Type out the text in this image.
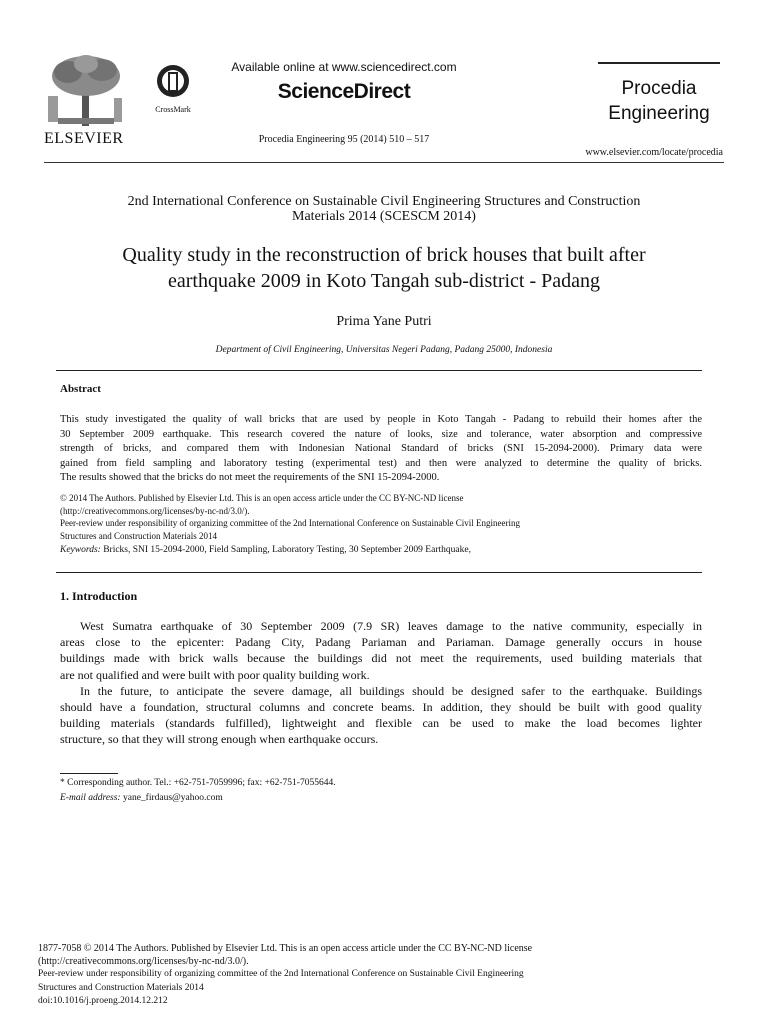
ELSEVIER
CrossMark
Available online at www.sciencedirect.com
ScienceDirect
Procedia Engineering 95 (2014) 510 – 517
Procedia
Engineering
www.elsevier.com/locate/procedia
2nd International Conference on Sustainable Civil Engineering Structures and Construction
Materials 2014 (SCESCM 2014)
Quality study in the reconstruction of brick houses that built after
earthquake 2009 in Koto Tangah sub-district - Padang
Prima Yane Putri
Department of Civil Engineering, Universitas Negeri Padang, Padang 25000, Indonesia
Abstract
This study investigated the quality of wall bricks that are used by people in Koto Tangah - Padang to rebuild their homes after the
30 September 2009 earthquake. This research covered the nature of looks, size and tolerance, water absorption and compressive
strength of bricks, and compared them with Indonesian National Standard of bricks (SNI 15-2094-2000). Primary data were
gained from field sampling and laboratory testing (experimental test) and then were analyzed to determine the quality of bricks.
The results showed that the bricks do not meet the requirements of the SNI 15-2094-2000.
© 2014 The Authors. Published by Elsevier Ltd. This is an open access article under the CC BY-NC-ND license
(http://creativecommons.org/licenses/by-nc-nd/3.0/).
Peer-review under responsibility of organizing committee of the 2nd International Conference on Sustainable Civil Engineering
Structures and Construction Materials 2014
Keywords: Bricks, SNI 15-2094-2000, Field Sampling, Laboratory Testing, 30 September 2009 Earthquake,
1. Introduction
West Sumatra earthquake of 30 September 2009 (7.9 SR) leaves damage to the native community, especially in
areas close to the epicenter: Padang City, Padang Pariaman and Pariaman. Damage generally occurs in house
buildings made with brick walls because the buildings did not meet the requirements, used building materials that
are not qualified and were built with poor quality building work.
In the future, to anticipate the severe damage, all buildings should be designed safer to the earthquake. Buildings
should have a foundation, structural columns and concrete beams. In addition, they should be built with good quality
building materials (standards fulfilled), lightweight and flexible can be used to make the load becomes lighter
structure, so that they will strong enough when earthquake occurs.
* Corresponding author. Tel.: +62-751-7059996; fax: +62-751-7055644.
E-mail address: yane_firdaus@yahoo.com
1877-7058 © 2014 The Authors. Published by Elsevier Ltd. This is an open access article under the CC BY-NC-ND license
(http://creativecommons.org/licenses/by-nc-nd/3.0/).
Peer-review under responsibility of organizing committee of the 2nd International Conference on Sustainable Civil Engineering
Structures and Construction Materials 2014
doi:10.1016/j.proeng.2014.12.212
